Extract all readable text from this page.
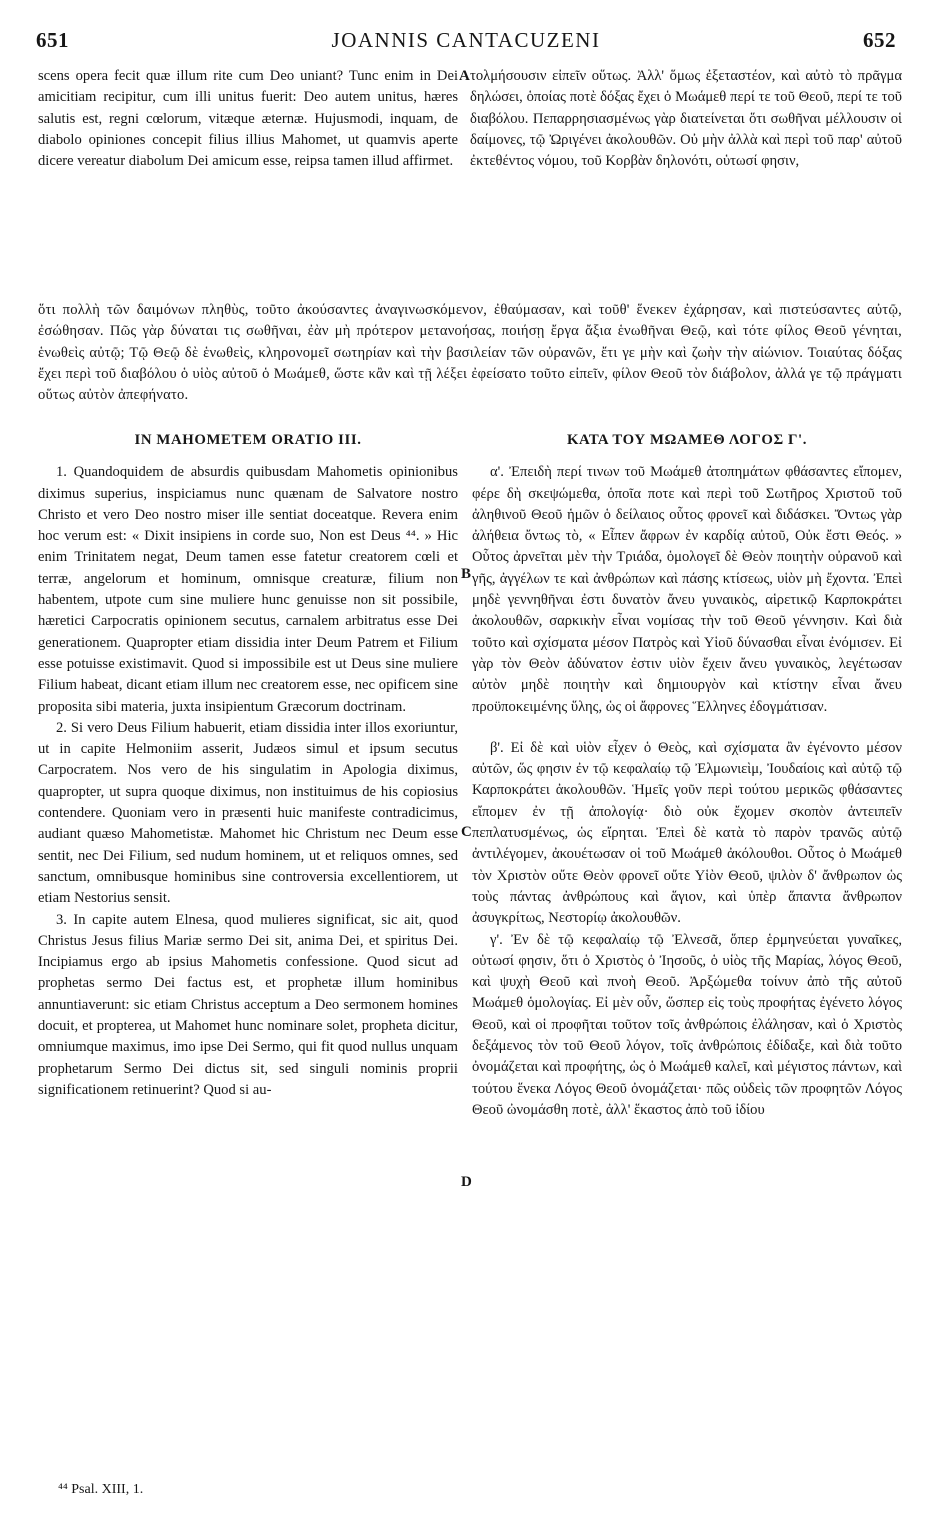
651	JOANNIS CANTACUZENI	652

scens opera fecit quæ illum rite cum Deo uniant? Tunc enim in Dei amicitiam recipitur, cum illi unitus fuerit: Deo autem unitus, hæres salutis est, regni cœlorum, vitæque æternæ. Hujusmodi, inquam, de diabolo opiniones concepit filius illius Mahomet, ut quamvis aperte dicere vereatur diabolum Dei amicum esse, reipsa tamen illud affirmet.

τολμήσουσιν εἰπεῖν οὕτως. Ἀλλ' ὅμως ἐξεταστέον, καὶ αὐτὸ τὸ πρᾶγμα δηλώσει, ὁποίας ποτὲ δόξας ἔχει ὁ Μωάμεθ περί τε τοῦ Θεοῦ, περί τε τοῦ διαβόλου. Πεπαρρησιασμένως γὰρ διατείνεται ὅτι σωθῆναι μέλλουσιν οἱ δαίμονες, τῷ Ὠριγένει ἀκολουθῶν. Οὐ μὴν ἀλλὰ καὶ περὶ τοῦ παρ' αὐτοῦ ἐκτεθέντος νόμου, τοῦ Κορβὰν δηλονότι, οὑτωσί φησιν,

A

ὅτι πολλὴ τῶν δαιμόνων πληθὺς, τοῦτο ἀκούσαντες ἀναγινωσκόμενον, ἐθαύμασαν, καὶ τοῦθ' ἕνεκεν ἐχάρησαν, καὶ πιστεύσαντες αὐτῷ, ἐσώθησαν. Πῶς γὰρ δύναται τις σωθῆναι, ἐὰν μὴ πρότερον μετανοήσας, ποιήσῃ ἔργα ἄξια ἑνωθῆναι Θεῷ, καὶ τότε φίλος Θεοῦ γένηται, ἑνωθεὶς αὐτῷ; Τῷ Θεῷ δὲ ἑνωθεὶς, κληρονομεῖ σωτηρίαν καὶ τὴν βασιλείαν τῶν οὐρανῶν, ἔτι γε μὴν καὶ ζωὴν τὴν αἰώνιον. Τοιαύτας δόξας ἔχει περὶ τοῦ διαβόλου ὁ υἱὸς αὐτοῦ ὁ Μωάμεθ, ὥστε κἂν καὶ τῇ λέξει ἐφείσατο τοῦτο εἰπεῖν, φίλον Θεοῦ τὸν διάβολον, ἀλλά γε τῷ πράγματι οὕτως αὐτὸν ἀπεφήνατο.

IN MAHOMETEM ORATIO III.

1. Quandoquidem de absurdis quibusdam Mahometis opinionibus diximus superius, inspiciamus nunc quænam de Salvatore nostro Christo et vero Deo nostro miser ille sentiat doceatque. Revera enim hoc verum est: « Dixit insipiens in corde suo, Non est Deus ⁴⁴. » Hic enim Trinitatem negat, Deum tamen esse fatetur creatorem cœli et terræ, angelorum et hominum, omnisque creaturæ, filium non habentem, utpote cum sine muliere hunc genuisse non sit possibile, hæretici Carpocratis opinionem secutus, carnalem arbitratus esse Dei generationem. Quapropter etiam dissidia inter Deum Patrem et Filium esse potuisse existimavit. Quod si impossibile est ut Deus sine muliere Filium habeat, dicant etiam illum nec creatorem esse, nec opificem sine proposita sibi materia, juxta insipientum Græcorum doctrinam.

2. Si vero Deus Filium habuerit, etiam dissidia inter illos exoriuntur, ut in capite Helmoniim asserit, Judæos simul et ipsum secutus Carpocratem. Nos vero de his singulatim in Apologia diximus, quapropter, ut supra quoque diximus, non instituimus de his copiosius contendere. Quoniam vero in præsenti huic manifeste contradicimus, audiant quæso Mahometistæ. Mahomet hic Christum nec Deum esse sentit, nec Dei Filium, sed nudum hominem, ut et reliquos omnes, sed sanctum, omnibusque hominibus sine controversia excellentiorem, ut etiam Nestorius sensit.

3. In capite autem Elnesa, quod mulieres significat, sic ait, quod Christus Jesus filius Mariæ sermo Dei sit, anima Dei, et spiritus Dei. Incipiamus ergo ab ipsius Mahometis confessione. Quod sicut ad prophetas sermo Dei factus est, et prophetæ illum hominibus annuntiaverunt: sic etiam Christus acceptum a Deo sermonem homines docuit, et propterea, ut Mahomet hunc nominare solet, propheta dicitur, omniumque maximus, imo ipse Dei Sermo, qui fit quod nullus unquam prophetarum Sermo Dei dictus sit, sed singuli nominis proprii significationem retinuerint? Quod si au-

ΚΑΤΑ ΤΟΥ ΜΩΑΜΕΘ ΛΟΓΟΣ Γ'.

α'. Ἐπειδὴ περί τινων τοῦ Μωάμεθ ἀτοπημάτων φθάσαντες εἴπομεν, φέρε δὴ σκεψώμεθα, ὁποῖα ποτε καὶ περὶ τοῦ Σωτῆρος Χριστοῦ τοῦ ἀληθινοῦ Θεοῦ ἡμῶν ὁ δείλαιος οὗτος φρονεῖ καὶ διδάσκει. Ὄντως γὰρ ἀλήθεια ὄντως τὸ, « Εἶπεν ἄφρων ἐν καρδίᾳ αὐτοῦ, Οὐκ ἔστι Θεός. » Οὗτος ἀρνεῖται μὲν τὴν Τριάδα, ὁμολογεῖ δὲ Θεὸν ποιητὴν οὐρανοῦ καὶ γῆς, ἀγγέλων τε καὶ ἀνθρώπων καὶ πάσης κτίσεως, υἱὸν μὴ ἔχοντα. Ἐπεὶ μηδὲ γεννηθῆναι ἐστι δυνατὸν ἄνευ γυναικὸς, αἱρετικῷ Καρποκράτει ἀκολουθῶν, σαρκικὴν εἶναι νομίσας τὴν τοῦ Θεοῦ γέννησιν. Καὶ διὰ τοῦτο καὶ σχίσματα μέσον Πατρὸς καὶ Υἱοῦ δύνασθαι εἶναι ἐνόμισεν. Εἰ γὰρ τὸν Θεὸν ἀδύνατον ἐστιν υἱὸν ἔχειν ἄνευ γυναικὸς, λεγέτωσαν αὐτὸν μηδὲ ποιητὴν καὶ δημιουργὸν καὶ κτίστην εἶναι ἄνευ προϋποκειμένης ὕλης, ὡς οἱ ἄφρονες Ἕλληνες ἐδογμάτισαν.

β'. Εἰ δὲ καὶ υἱὸν εἶχεν ὁ Θεὸς, καὶ σχίσματα ἂν ἐγένοντο μέσον αὐτῶν, ὥς φησιν ἐν τῷ κεφαλαίῳ τῷ Ἐλμωνιεὶμ, Ἰουδαίοις καὶ αὐτῷ τῷ Καρποκράτει ἀκολουθῶν. Ἡμεῖς γοῦν περὶ τούτου μερικῶς φθάσαντες εἴπομεν ἐν τῇ ἀπολογίᾳ· διὸ οὐκ ἔχομεν σκοπὸν ἀντειπεῖν πεπλατυσμένως, ὡς εἴρηται. Ἐπεὶ δὲ κατὰ τὸ παρὸν τρανῶς αὐτῷ ἀντιλέγομεν, ἀκουέτωσαν οἱ τοῦ Μωάμεθ ἀκόλουθοι. Οὗτος ὁ Μωάμεθ τὸν Χριστὸν οὔτε Θεὸν φρονεῖ οὔτε Υἱὸν Θεοῦ, ψιλὸν δ' ἄνθρωπον ὡς τοὺς πάντας ἀνθρώπους καὶ ἅγιον, καὶ ὑπὲρ ἅπαντα ἄνθρωπον ἀσυγκρίτως, Νεστορίῳ ἀκολουθῶν.

γ'. Ἐν δὲ τῷ κεφαλαίῳ τῷ Ἐλνεσᾶ, ὅπερ ἑρμηνεύεται γυναῖκες, οὑτωσί φησιν, ὅτι ὁ Χριστὸς ὁ Ἰησοῦς, ὁ υἱὸς τῆς Μαρίας, λόγος Θεοῦ, καὶ ψυχὴ Θεοῦ καὶ πνοὴ Θεοῦ. Ἀρξώμεθα τοίνυν ἀπὸ τῆς αὐτοῦ Μωάμεθ ὁμολογίας. Εἰ μὲν οὖν, ὥσπερ εἰς τοὺς προφήτας ἐγένετο λόγος Θεοῦ, καὶ οἱ προφῆται τοῦτον τοῖς ἀνθρώποις ἐλάλησαν, καὶ ὁ Χριστὸς δεξάμενος τὸν τοῦ Θεοῦ λόγον, τοῖς ἀνθρώποις ἐδίδαξε, καὶ διὰ τοῦτο ὀνομάζεται καὶ προφήτης, ὡς ὁ Μωάμεθ καλεῖ, καὶ μέγιστος πάντων, καὶ τούτου ἕνεκα Λόγος Θεοῦ ὀνομάζεται· πῶς οὐδεὶς τῶν προφητῶν Λόγος Θεοῦ ὠνομάσθη ποτὲ, ἀλλ' ἕκαστος ἀπὸ τοῦ ἰδίου

B
C
D
⁴⁴ Psal. XIII, 1.
